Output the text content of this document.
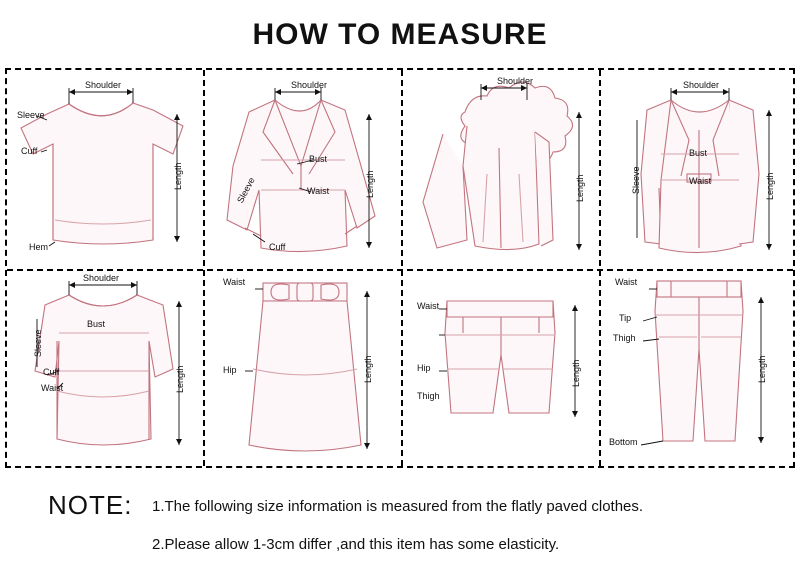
HOW TO MEASURE
Shoulder
Sleeve
Cuff
Length
Hem
Shoulder
Sleeve
Bust
Waist	Length
Cuff
Shoulder
Length
Shoulder
Sleeve
Bust
Waist	Length
Shoulder
Sleeve
Bust
Cuff
Waist	Length
Waist
Hip	Length
Waist
Hip
Thigh
Length
Waist
Tip
Thigh
Length
Bottom
NOTE: 1.The following size information is measured from the flatly paved clothes.
2.Please allow 1-3cm differ ,and this item has some elasticity.
